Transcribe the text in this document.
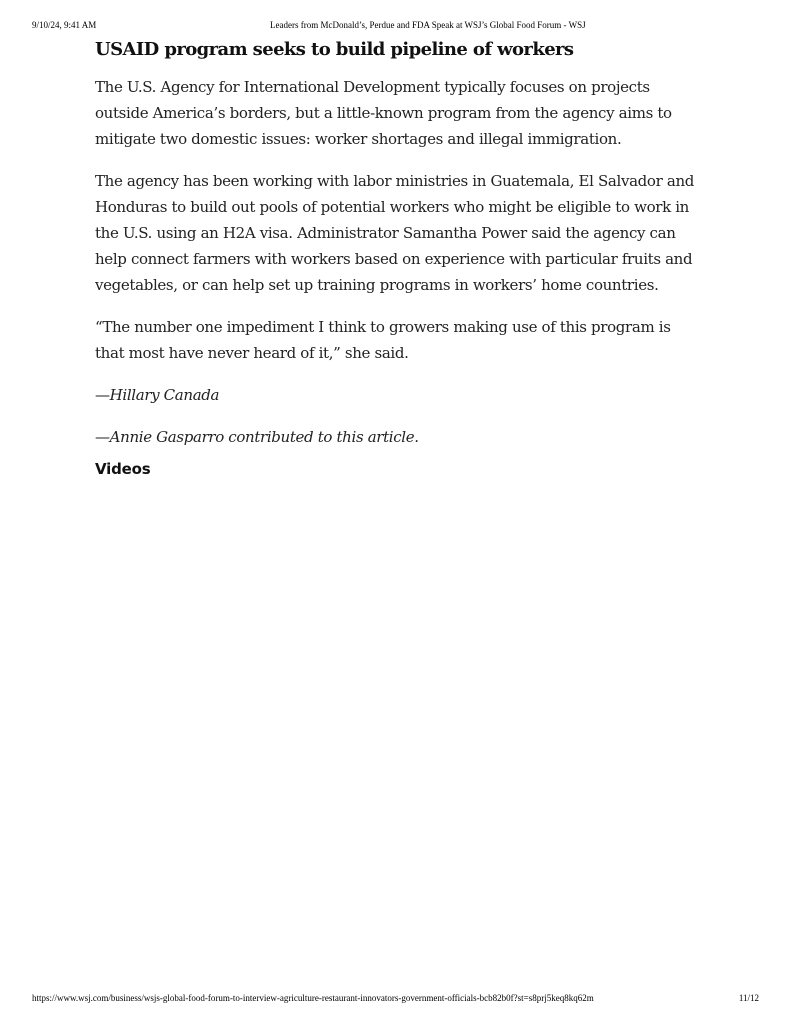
9/10/24, 9:41 AM	Leaders from McDonald’s, Perdue and FDA Speak at WSJ’s Global Food Forum - WSJ
USAID program seeks to build pipeline of workers

The U.S. Agency for International Development typically focuses on projects outside America’s borders, but a little-known program from the agency aims to mitigate two domestic issues: worker shortages and illegal immigration.

The agency has been working with labor ministries in Guatemala, El Salvador and Honduras to build out pools of potential workers who might be eligible to work in the U.S. using an H2A visa. Administrator Samantha Power said the agency can help connect farmers with workers based on experience with particular fruits and vegetables, or can help set up training programs in workers’ home countries.

“The number one impediment I think to growers making use of this program is that most have never heard of it,” she said.

—Hillary Canada

—Annie Gasparro contributed to this article.

Videos
https://www.wsj.com/business/wsjs-global-food-forum-to-interview-agriculture-restaurant-innovators-government-officials-bcb82b0f?st=s8prj5keq8kq62m	11/12
